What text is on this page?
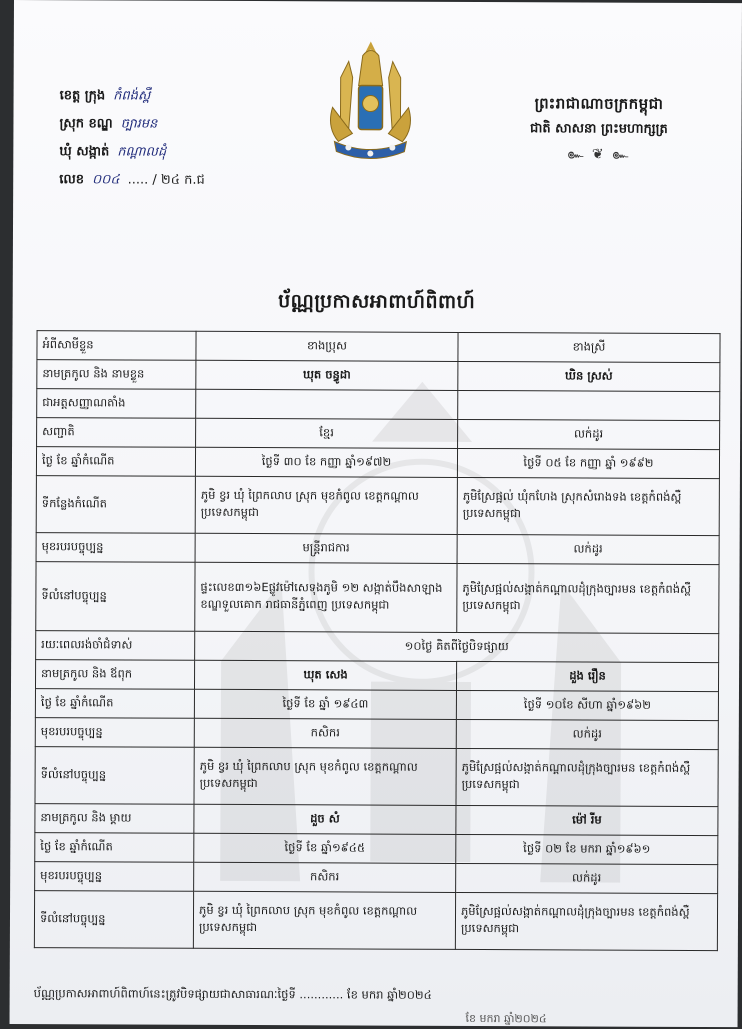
ខេត្ត ក្រុង កំពង់ស្ពឺ
ស្រុក ខណ្ឌ ច្បារមន
ឃុំ សង្កាត់ កណ្ដាលដុំ
លេខ ០០៤ ..... / ២៤ ក.ជ
ព្រះរាជាណាចក្រកម្ពុជា
ជាតិ សាសនា ព្រះមហាក្សត្រ
๛ ❦ ๛
ប័ណ្ណប្រកាសអាពាហ៍ពិពាហ៍
អំពីសាមីខ្លួន	ខាងប្រុស	ខាងស្រី
នាមត្រកូល និង នាមខ្លួន	ឃុត ចន្ធូដា	ឃិន ស្រស់
ជាអត្តសញ្ញាណតាំង		
សញ្ជាតិ	ខ្មែរ	លក់ដូរ
ថ្ងៃ ខែ ឆ្នាំកំណើត	ថ្ងៃទី ៣០ ខែ កញ្ញា ឆ្នាំ១៩៧២	ថ្ងៃទី ០៥ ខែ កញ្ញា ឆ្នាំ ១៩៩២
ទីកន្លែងកំណើត	ភូមិ ខ្វរ ឃុំ ព្រៃកលាប ស្រុក មុខកំពូល ខេត្តកណ្ដាល ប្រទេសកម្ពុជា	ភូមិស្រែផ្អល់ ឃុំកហែង ស្រុកសំរោងទង ខេត្តកំពង់ស្ពឺ ប្រទេសកម្ពុជា
មុខរបរបច្ចុប្បន្ន	មន្ត្រីរាជការ	លក់ដូរ
ទីលំនៅបច្ចុប្បន្ន	ផ្ទះលេខ៣១៦Eផ្លូវម៉ៅសេទុងភូមិ ១២ សង្កាត់បឹងសាឡាង ខណ្ឌទួលគោក រាជធានីភ្នំពេញ ប្រទេសកម្ពុជា	ភូមិស្រែផ្អល់សង្កាត់កណ្ដាលដុំក្រុងច្បារមន ខេត្តកំពង់ស្ពឺប្រទេសកម្ពុជា
រយៈពេលរង់ចាំជំទាស់	១០ថ្ងៃ គិតពីថ្ងៃបិទផ្សាយ	
នាមត្រកូល និង ឪពុក	ឃុត សេង	ដួង រឿន
ថ្ងៃ ខែ ឆ្នាំកំណើត	ថ្ងៃទី ខែ ឆ្នាំ ១៩៤៣	ថ្ងៃទី ១០ខែ សីហា ឆ្នាំ១៩៦២
មុខរបរបច្ចុប្បន្ន	កសិករ	លក់ដូរ
ទីលំនៅបច្ចុប្បន្ន	ភូមិ ខ្វរ ឃុំ ព្រៃកលាប ស្រុក មុខកំពូល ខេត្តកណ្ដាល ប្រទេសកម្ពុជា	ភូមិស្រែផ្អល់សង្កាត់កណ្ដាលដុំក្រុងច្បារមន ខេត្តកំពង់ស្ពឺប្រទេសកម្ពុជា
នាមត្រកូល និង ម្ដាយ	ដួច សំ	ម៉ៅ រីម
ថ្ងៃ ខែ ឆ្នាំកំណើត	ថ្ងៃទី ខែ ឆ្នាំ១៩៤៥	ថ្ងៃទី ០២ ខែ មករា ឆ្នាំ១៩៦១
មុខរបរបច្ចុប្បន្ន	កសិករ	លក់ដូរ
ទីលំនៅបច្ចុប្បន្ន	ភូមិ ខ្វរ ឃុំ ព្រៃកលាប ស្រុក មុខកំពូល ខេត្តកណ្ដាល ប្រទេសកម្ពុជា	ភូមិស្រែផ្អល់សង្កាត់កណ្ដាលដុំក្រុងច្បារមន ខេត្តកំពង់ស្ពឺប្រទេសកម្ពុជា
ប័ណ្ណប្រកាសអាពាហ៍ពិពាហ៍នេះត្រូវបិទផ្សាយជាសាធារណៈថ្ងៃទី ............ ខែ មករា ឆ្នាំ២០២៤
ខែ មករា ឆ្នាំ២០២៤
